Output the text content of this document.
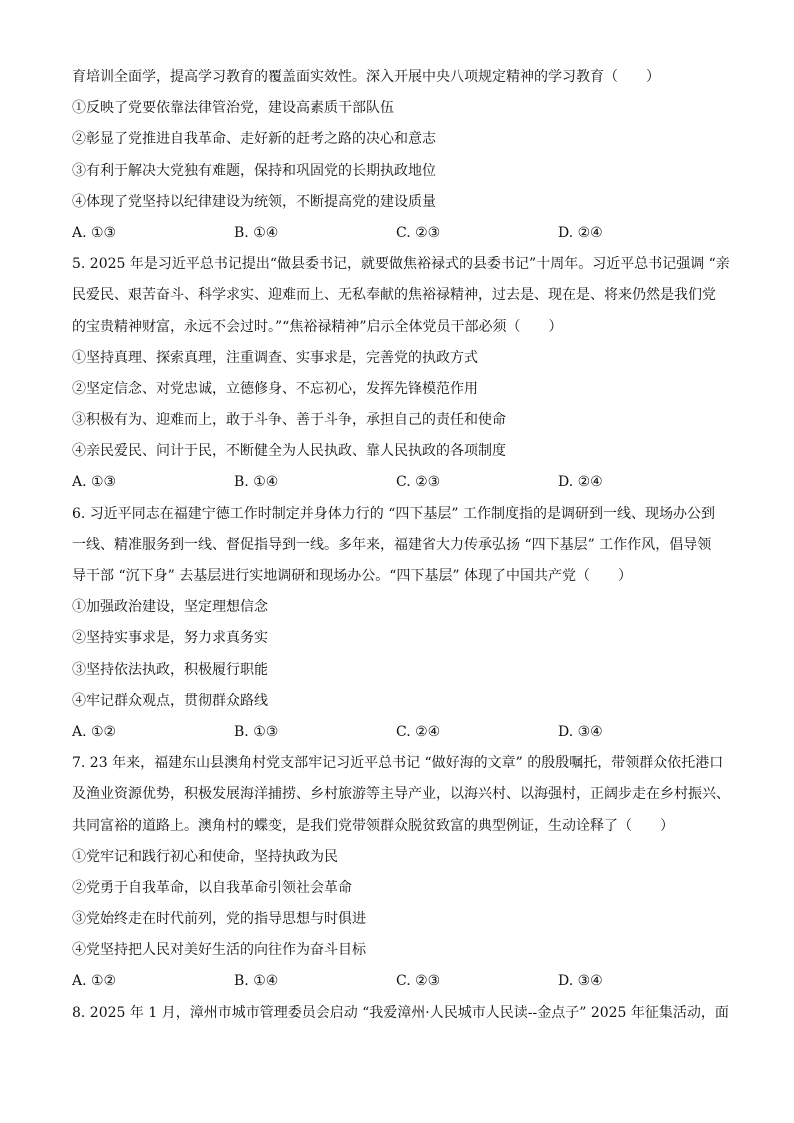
育培训全面学，提高学习教育的覆盖面实效性。深入开展中央八项规定精神的学习教育（　　）
①反映了党要依靠法律管治党，建设高素质干部队伍
②彰显了党推进自我革命、走好新的赶考之路的决心和意志
③有利于解决大党独有难题，保持和巩固党的长期执政地位
④体现了党坚持以纪律建设为统领，不断提高党的建设质量
A. ①③	B. ①④	C. ②③	D. ②④
5. 2025 年是习近平总书记提出“做县委书记，就要做焦裕禄式的县委书记”十周年。习近平总书记强调 “亲
民爱民、艰苦奋斗、科学求实、迎难而上、无私奉献的焦裕禄精神，过去是、现在是、将来仍然是我们党
的宝贵精神财富，永远不会过时。”“焦裕禄精神”启示全体党员干部必须（　　）
①坚持真理、探索真理，注重调查、实事求是，完善党的执政方式
②坚定信念、对党忠诚，立德修身、不忘初心，发挥先锋模范作用
③积极有为、迎难而上，敢于斗争、善于斗争，承担自己的责任和使命
④亲民爱民、问计于民，不断健全为人民执政、靠人民执政的各项制度
A. ①③	B. ①④	C. ②③	D. ②④
6. 习近平同志在福建宁德工作时制定并身体力行的 “四下基层” 工作制度指的是调研到一线、现场办公到
一线、精准服务到一线、督促指导到一线。多年来，福建省大力传承弘扬 “四下基层” 工作作风，倡导领
导干部 “沉下身” 去基层进行实地调研和现场办公。“四下基层” 体现了中国共产党（　　）
①加强政治建设，坚定理想信念
②坚持实事求是，努力求真务实
③坚持依法执政，积极履行职能
④牢记群众观点，贯彻群众路线
A. ①②	B. ①③	C. ②④	D. ③④
7. 23 年来，福建东山县澳角村党支部牢记习近平总书记 “做好海的文章” 的殷殷嘱托，带领群众依托港口
及渔业资源优势，积极发展海洋捕捞、乡村旅游等主导产业，以海兴村、以海强村，正阔步走在乡村振兴、
共同富裕的道路上。澳角村的蝶变，是我们党带领群众脱贫致富的典型例证，生动诠释了（　　）
①党牢记和践行初心和使命，坚持执政为民
②党勇于自我革命，以自我革命引领社会革命
③党始终走在时代前列，党的指导思想与时俱进
④党坚持把人民对美好生活的向往作为奋斗目标
A. ①②	B. ①④	C. ②③	D. ③④
8. 2025 年 1 月，漳州市城市管理委员会启动 “我爱漳州·人民城市人民读--金点子” 2025 年征集活动，面
